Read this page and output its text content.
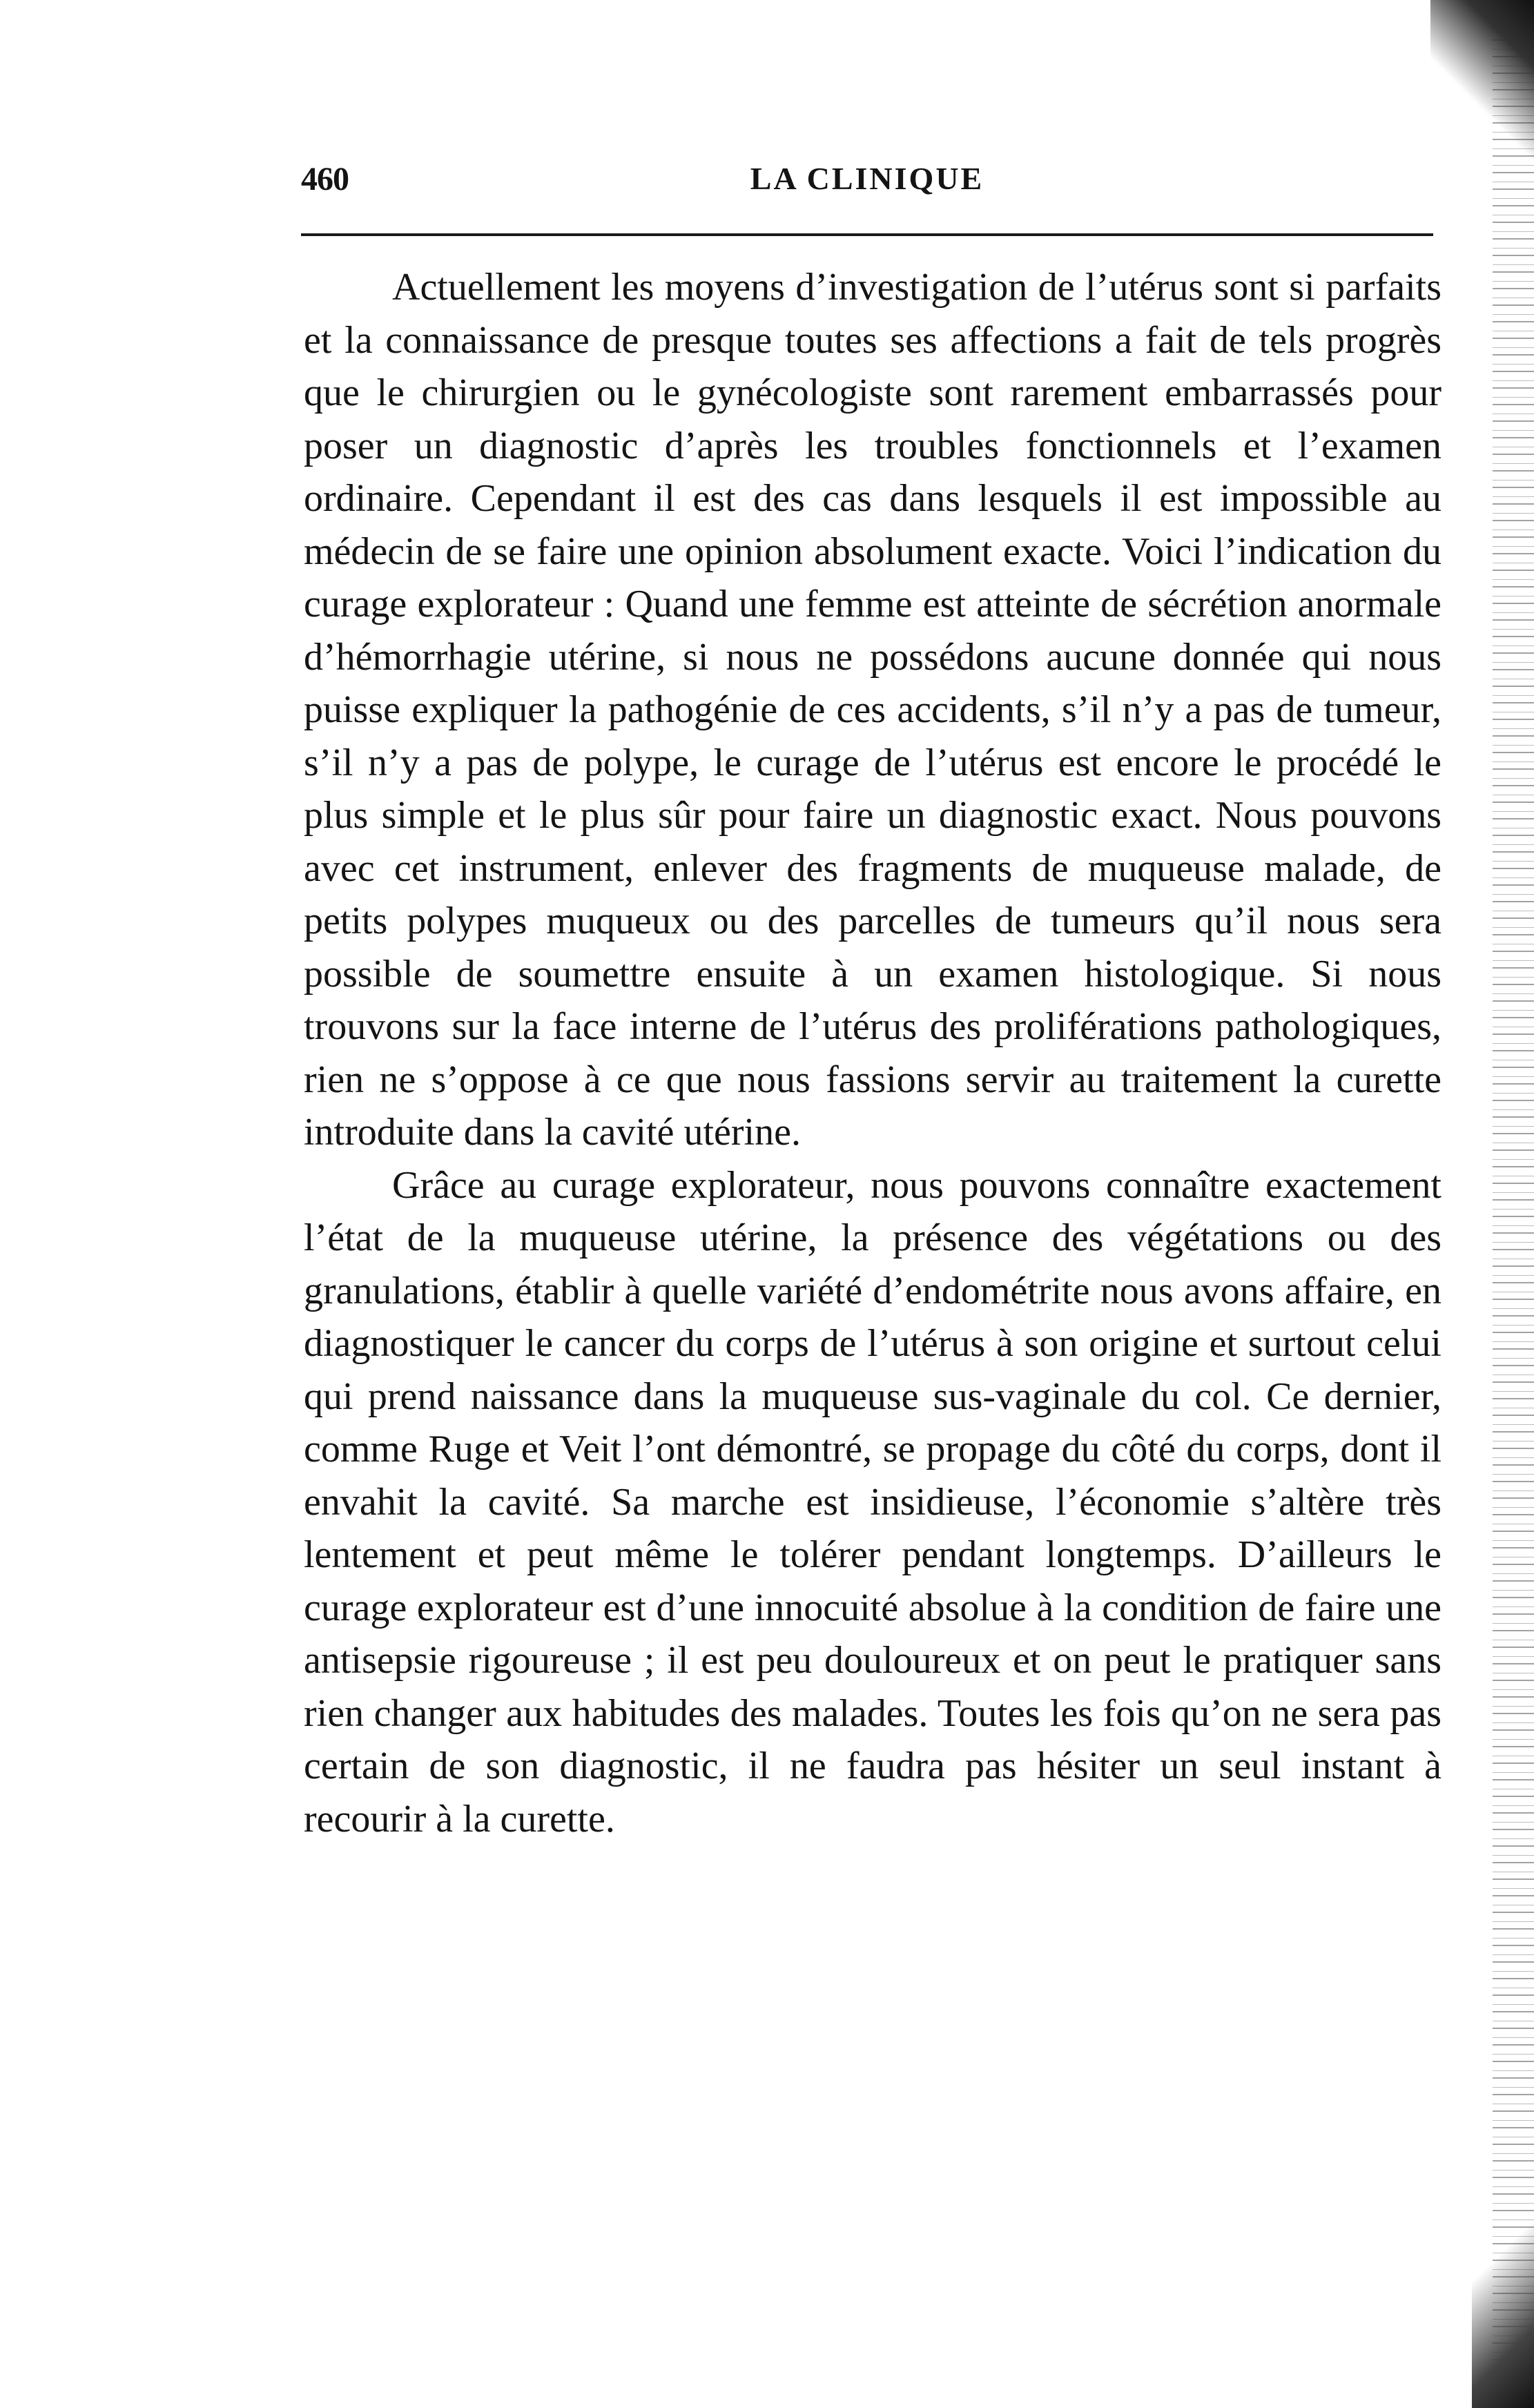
460	LA CLINIQUE

Actuellement les moyens d’investigation de l’utérus sont si parfaits et la connaissance de presque toutes ses affections a fait de tels progrès que le chirurgien ou le gynécologiste sont rarement embarrassés pour poser un diagnostic d’après les troubles fonctionnels et l’examen ordinaire. Cependant il est des cas dans lesquels il est impossible au médecin de se faire une opinion absolument exacte. Voici l’indication du curage explorateur : Quand une femme est atteinte de sécrétion anormale d’hémorrhagie utérine, si nous ne possédons aucune donnée qui nous puisse expliquer la pathogénie de ces accidents, s’il n’y a pas de tumeur, s’il n’y a pas de polype, le curage de l’utérus est encore le procédé le plus simple et le plus sûr pour faire un diagnostic exact. Nous pouvons avec cet instrument, enlever des fragments de muqueuse malade, de petits polypes muqueux ou des parcelles de tumeurs qu’il nous sera possible de soumettre ensuite à un examen histologique. Si nous trouvons sur la face interne de l’utérus des proliférations pathologiques, rien ne s’oppose à ce que nous fassions servir au traitement la curette introduite dans la cavité utérine.

Grâce au curage explorateur, nous pouvons connaître exactement l’état de la muqueuse utérine, la présence des végétations ou des granulations, établir à quelle variété d’endométrite nous avons affaire, en diagnostiquer le cancer du corps de l’utérus à son origine et surtout celui qui prend naissance dans la muqueuse sus-vaginale du col. Ce dernier, comme Ruge et Veit l’ont démontré, se propage du côté du corps, dont il envahit la cavité. Sa marche est insidieuse, l’économie s’altère très lentement et peut même le tolérer pendant longtemps. D’ailleurs le curage explorateur est d’une innocuité absolue à la condition de faire une antisepsie rigoureuse ; il est peu douloureux et on peut le pratiquer sans rien changer aux habitudes des malades. Toutes les fois qu’on ne sera pas certain de son diagnostic, il ne faudra pas hésiter un seul instant à recourir à la curette.
